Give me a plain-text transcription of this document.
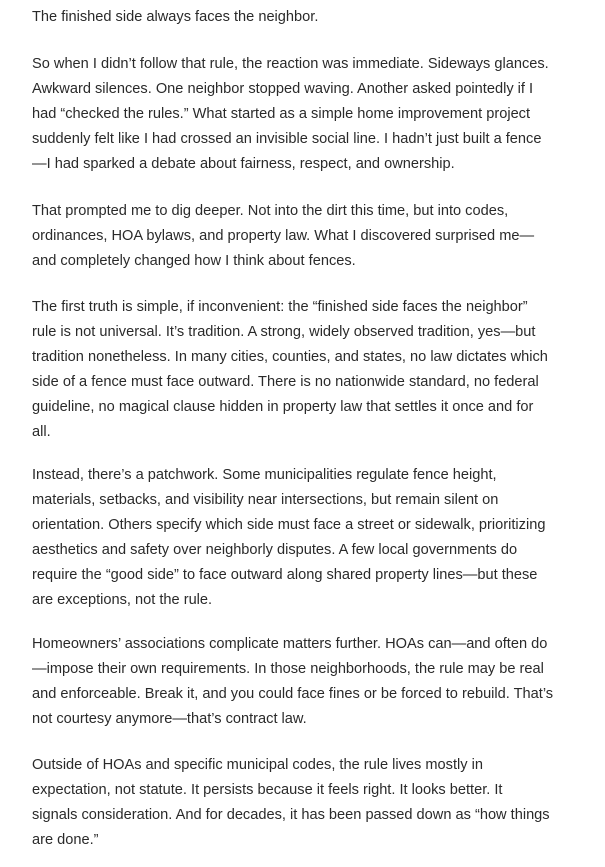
The finished side always faces the neighbor.

So when I didn’t follow that rule, the reaction was immediate. Sideways glances.
Awkward silences. One neighbor stopped waving. Another asked pointedly if I
had “checked the rules.” What started as a simple home improvement project
suddenly felt like I had crossed an invisible social line. I hadn’t just built a fence
—I had sparked a debate about fairness, respect, and ownership.

That prompted me to dig deeper. Not into the dirt this time, but into codes,
ordinances, HOA bylaws, and property law. What I discovered surprised me—
and completely changed how I think about fences.

The first truth is simple, if inconvenient: the “finished side faces the neighbor”
rule is not universal. It’s tradition. A strong, widely observed tradition, yes—but
tradition nonetheless. In many cities, counties, and states, no law dictates which
side of a fence must face outward. There is no nationwide standard, no federal
guideline, no magical clause hidden in property law that settles it once and for
all.

Instead, there’s a patchwork. Some municipalities regulate fence height,
materials, setbacks, and visibility near intersections, but remain silent on
orientation. Others specify which side must face a street or sidewalk, prioritizing
aesthetics and safety over neighborly disputes. A few local governments do
require the “good side” to face outward along shared property lines—but these
are exceptions, not the rule.

Homeowners’ associations complicate matters further. HOAs can—and often do
—impose their own requirements. In those neighborhoods, the rule may be real
and enforceable. Break it, and you could face fines or be forced to rebuild. That’s
not courtesy anymore—that’s contract law.

Outside of HOAs and specific municipal codes, the rule lives mostly in
expectation, not statute. It persists because it feels right. It looks better. It
signals consideration. And for decades, it has been passed down as “how things
are done.”
